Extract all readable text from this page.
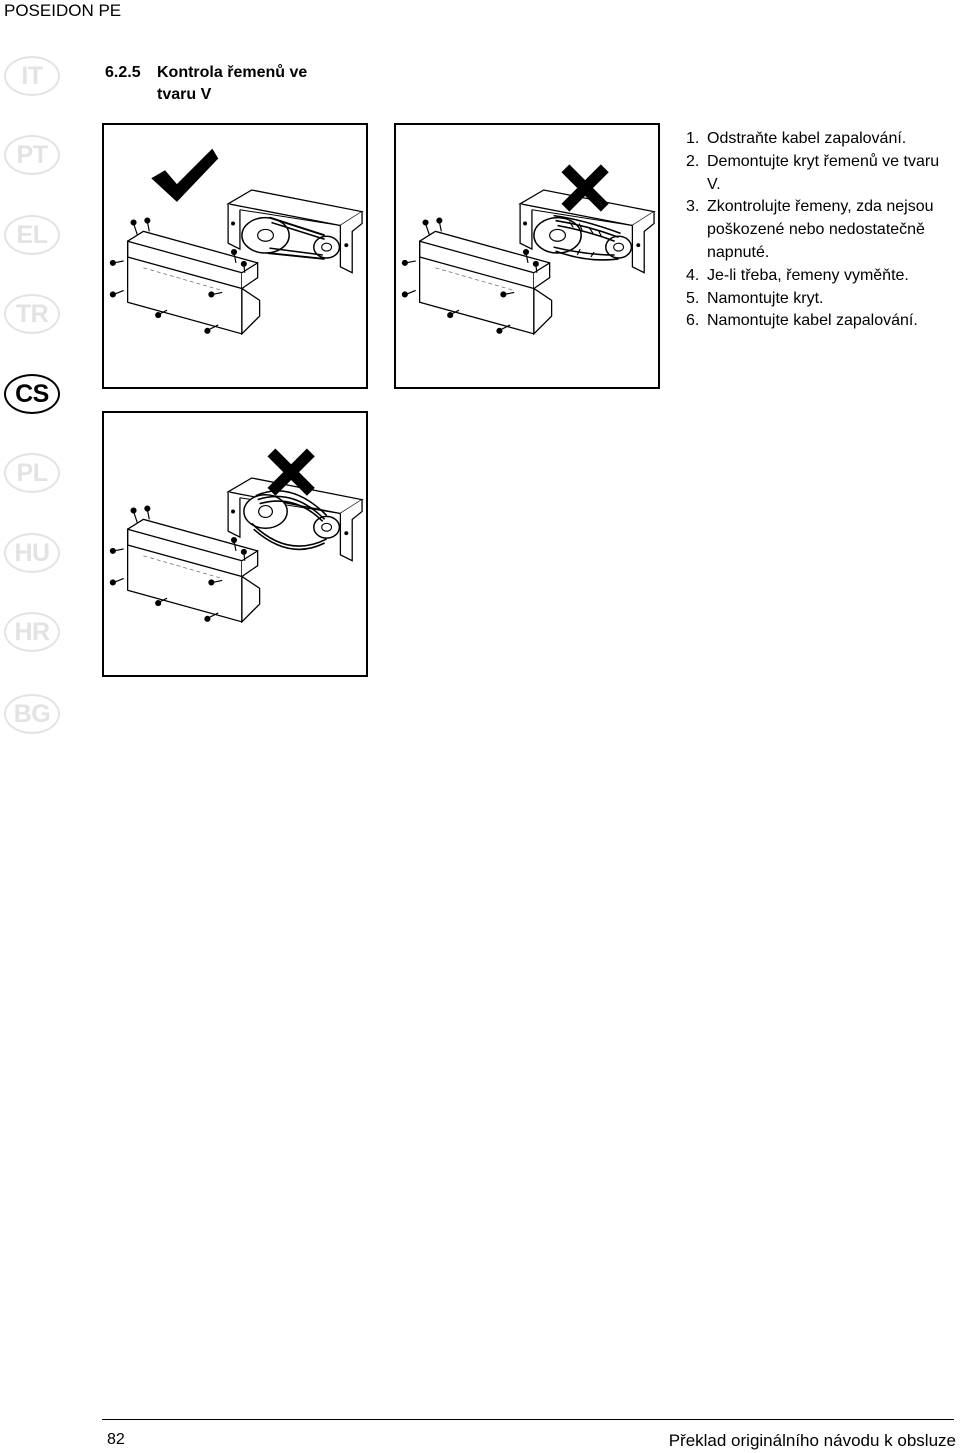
POSEIDON PE
IT
PT
EL
TR
CS
PL
HU
HR
BG
6.2.5 Kontrola řemenů ve
tvaru V
1. Odstraňte kabel zapalování.
2. Demontujte kryt řemenů ve tvaru V.
3. Zkontrolujte řemeny, zda nejsou poškozené nebo nedostatečně napnuté.
4. Je-li třeba, řemeny vyměňte.
5. Namontujte kryt.
6. Namontujte kabel zapalování.
82	Překlad originálního návodu k obsluze
